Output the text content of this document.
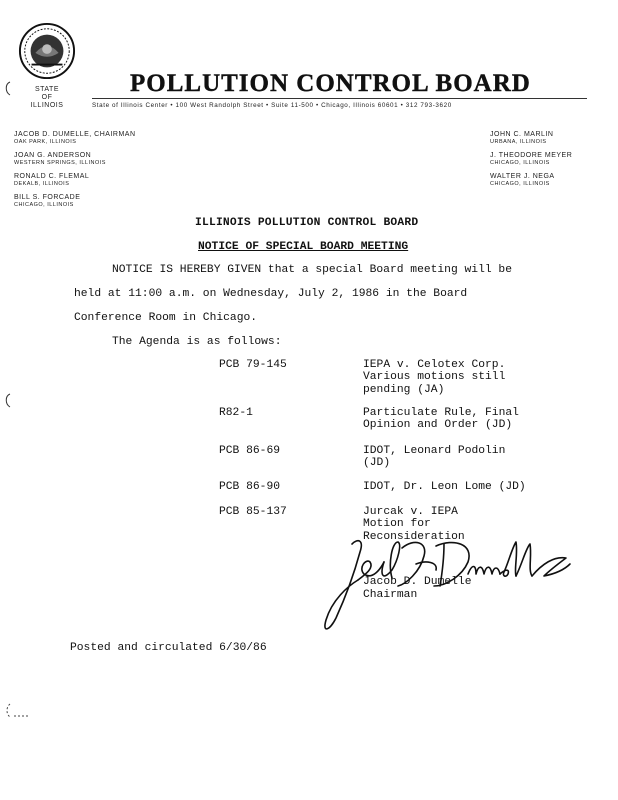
STATE
OF
ILLINOIS
POLLUTION CONTROL BOARD
State of Illinois Center • 100 West Randolph Street • Suite 11-500 • Chicago, Illinois 60601 • 312 793-3620
JACOB D. DUMELLE, CHAIRMAN
OAK PARK, ILLINOIS
JOAN G. ANDERSON
WESTERN SPRINGS, ILLINOIS
RONALD C. FLEMAL
DEKALB, ILLINOIS
BILL S. FORCADE
CHICAGO, ILLINOIS
JOHN C. MARLIN
URBANA, ILLINOIS
J. THEODORE MEYER
CHICAGO, ILLINOIS
WALTER J. NEGA
CHICAGO, ILLINOIS
ILLINOIS POLLUTION CONTROL BOARD
NOTICE OF SPECIAL BOARD MEETING
NOTICE IS HEREBY GIVEN that a special Board meeting will be
held at 11:00 a.m. on Wednesday, July 2, 1986 in the Board
Conference Room in Chicago.
The Agenda is as follows:
PCB 79-145	IEPA v. Celotex Corp.
Various motions still
pending (JA)
R82-1	Particulate Rule, Final
Opinion and Order (JD)
PCB 86-69	IDOT, Leonard Podolin
(JD)
PCB 86-90	IDOT, Dr. Leon Lome (JD)
PCB 85-137	Jurcak v. IEPA
Motion for
Reconsideration
Jacob D. Dumelle
Chairman
Posted and circulated 6/30/86
